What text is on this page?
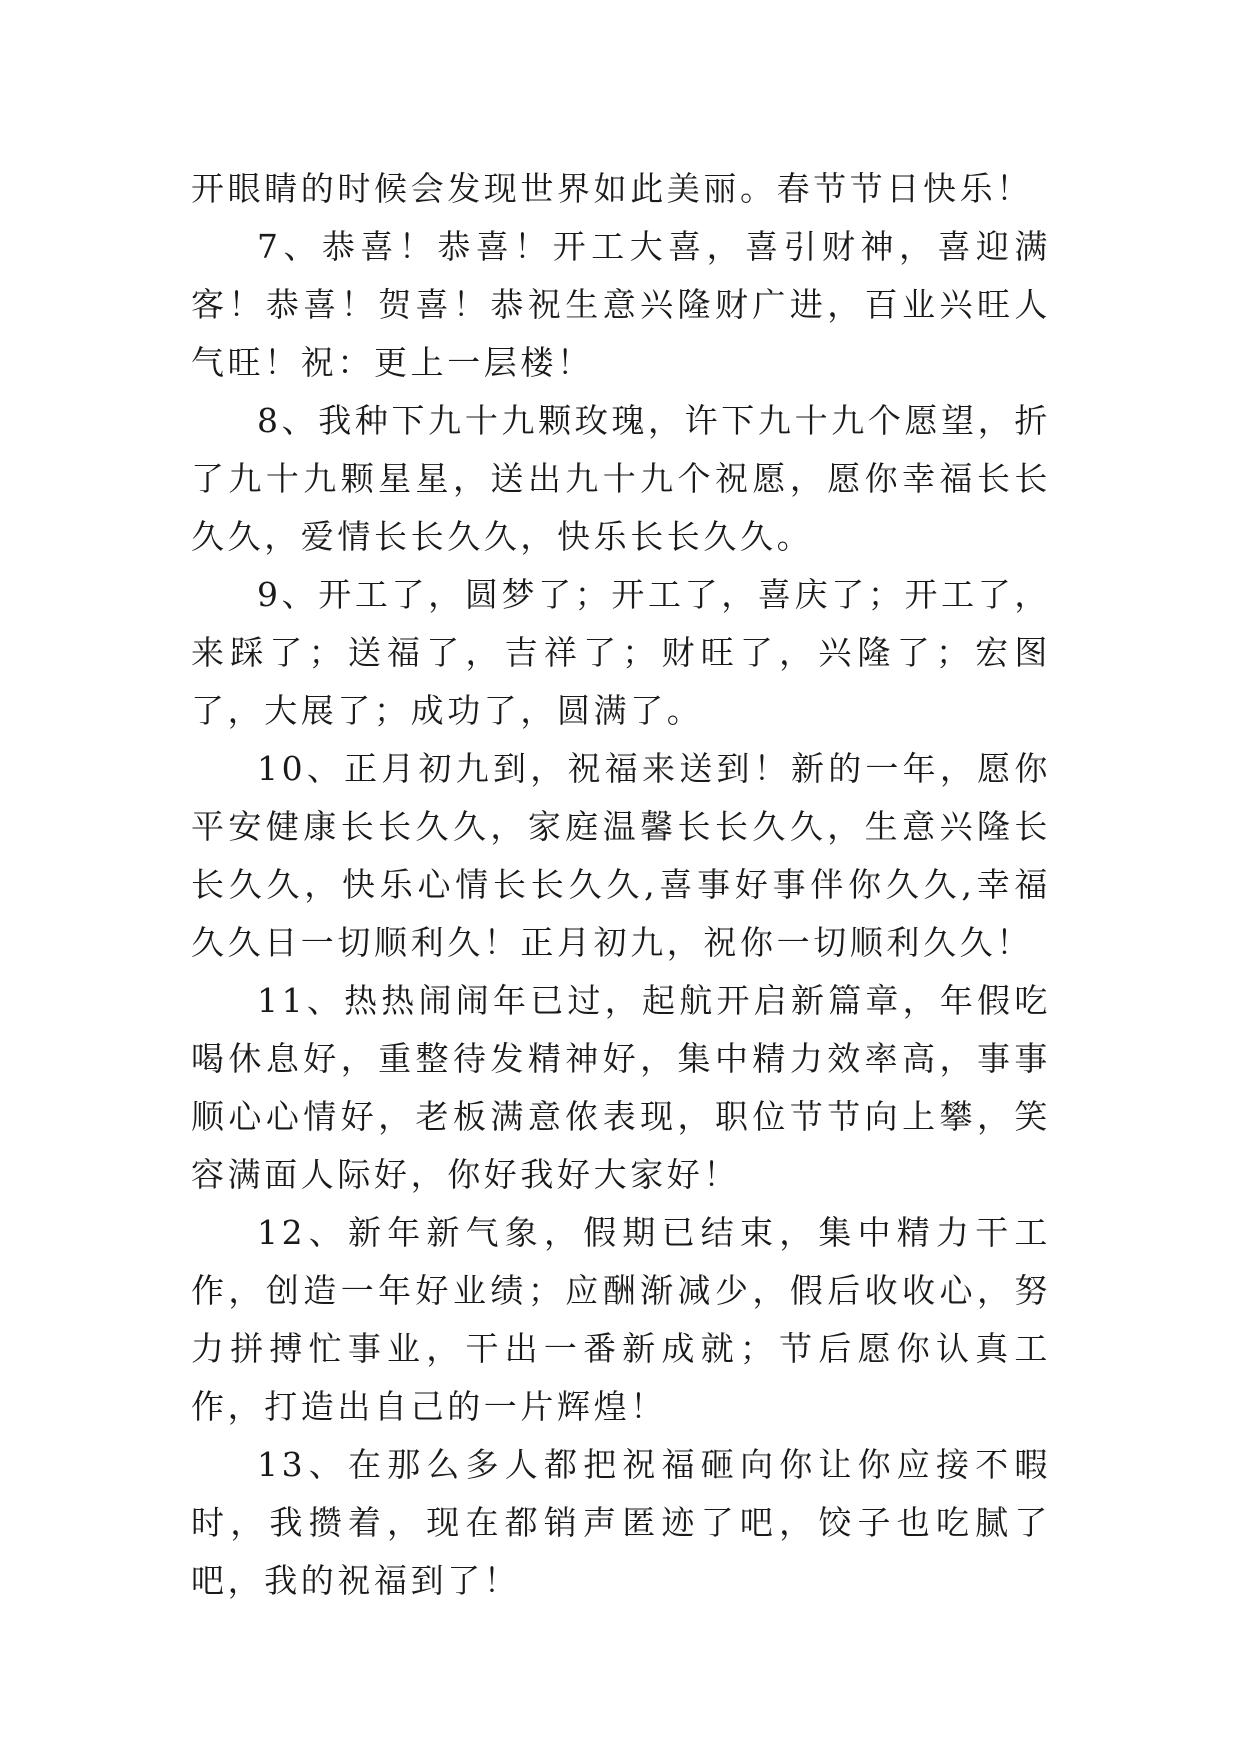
开眼睛的时候会发现世界如此美丽。春节节日快乐！

7、恭喜！恭喜！开工大喜，喜引财神，喜迎满客！恭喜！贺喜！恭祝生意兴隆财广进，百业兴旺人气旺！祝：更上一层楼！

8、我种下九十九颗玫瑰，许下九十九个愿望，折了九十九颗星星，送出九十九个祝愿，愿你幸福长长久久，爱情长长久久，快乐长长久久。

9、开工了，圆梦了；开工了，喜庆了；开工了，来踩了；送福了，吉祥了；财旺了，兴隆了；宏图了，大展了；成功了，圆满了。

10、正月初九到，祝福来送到！新的一年，愿你平安健康长长久久，家庭温馨长长久久，生意兴隆长长久久，快乐心情长长久久,喜事好事伴你久久,幸福久久日一切顺利久！正月初九，祝你一切顺利久久！

11、热热闹闹年已过，起航开启新篇章，年假吃喝休息好，重整待发精神好，集中精力效率高，事事顺心心情好，老板满意侬表现，职位节节向上攀，笑容满面人际好，你好我好大家好！

12、新年新气象，假期已结束，集中精力干工作，创造一年好业绩；应酬渐减少，假后收收心，努力拼搏忙事业，干出一番新成就；节后愿你认真工作，打造出自己的一片辉煌！

13、在那么多人都把祝福砸向你让你应接不暇时，我攒着，现在都销声匿迹了吧，饺子也吃腻了吧，我的祝福到了！
